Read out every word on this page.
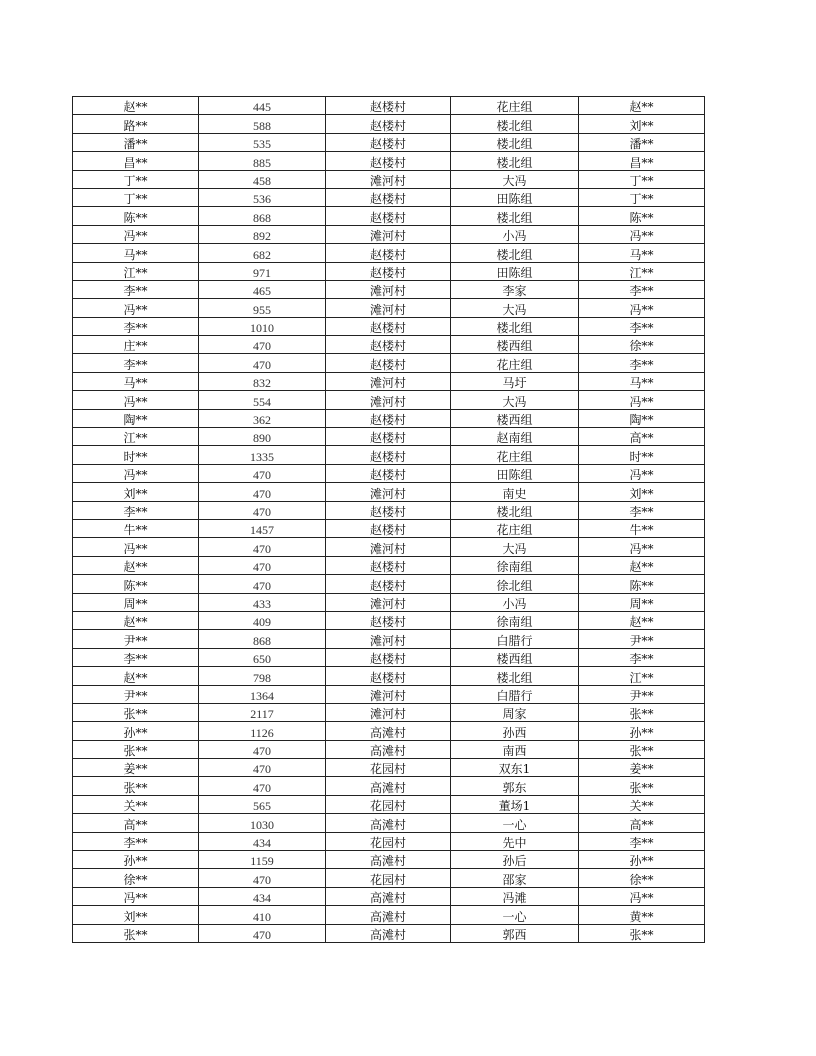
赵**	445	赵楼村	花庄组	赵**
路**	588	赵楼村	楼北组	刘**
潘**	535	赵楼村	楼北组	潘**
昌**	885	赵楼村	楼北组	昌**
丁**	458	滩河村	大冯	丁**
丁**	536	赵楼村	田陈组	丁**
陈**	868	赵楼村	楼北组	陈**
冯**	892	滩河村	小冯	冯**
马**	682	赵楼村	楼北组	马**
江**	971	赵楼村	田陈组	江**
李**	465	滩河村	李家	李**
冯**	955	滩河村	大冯	冯**
李**	1010	赵楼村	楼北组	李**
庄**	470	赵楼村	楼西组	徐**
李**	470	赵楼村	花庄组	李**
马**	832	滩河村	马圩	马**
冯**	554	滩河村	大冯	冯**
陶**	362	赵楼村	楼西组	陶**
江**	890	赵楼村	赵南组	高**
时**	1335	赵楼村	花庄组	时**
冯**	470	赵楼村	田陈组	冯**
刘**	470	滩河村	南史	刘**
李**	470	赵楼村	楼北组	李**
牛**	1457	赵楼村	花庄组	牛**
冯**	470	滩河村	大冯	冯**
赵**	470	赵楼村	徐南组	赵**
陈**	470	赵楼村	徐北组	陈**
周**	433	滩河村	小冯	周**
赵**	409	赵楼村	徐南组	赵**
尹**	868	滩河村	白腊行	尹**
李**	650	赵楼村	楼西组	李**
赵**	798	赵楼村	楼北组	江**
尹**	1364	滩河村	白腊行	尹**
张**	2117	滩河村	周家	张**
孙**	1126	高滩村	孙西	孙**
张**	470	高滩村	南西	张**
姜**	470	花园村	双东1	姜**
张**	470	高滩村	郭东	张**
关**	565	花园村	董场1	关**
高**	1030	高滩村	一心	高**
李**	434	花园村	先中	李**
孙**	1159	高滩村	孙后	孙**
徐**	470	花园村	邵家	徐**
冯**	434	高滩村	冯滩	冯**
刘**	410	高滩村	一心	黄**
张**	470	高滩村	郭西	张**
